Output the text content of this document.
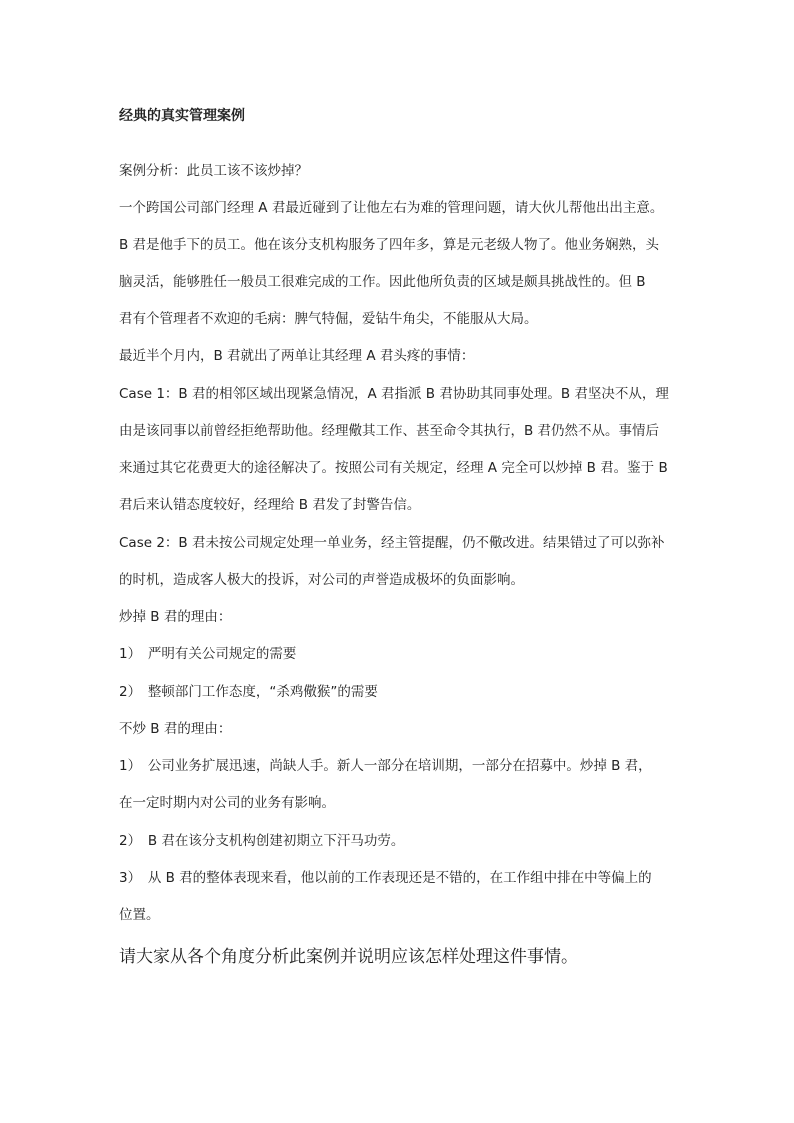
经典的真实管理案例
案例分析：此员工该不该炒掉？
一个跨国公司部门经理 A 君最近碰到了让他左右为难的管理问题，请大伙儿帮他出出主意。
B 君是他手下的员工。他在该分支机构服务了四年多，算是元老级人物了。他业务娴熟，头
脑灵活，能够胜任一般员工很难完成的工作。因此他所负责的区域是颇具挑战性的。但 B
君有个管理者不欢迎的毛病：脾气特倔，爱钻牛角尖，不能服从大局。
最近半个月内，B 君就出了两单让其经理 A 君头疼的事情：
Case 1：B 君的相邻区域出现紧急情况，A 君指派 B 君协助其同事处理。B 君坚决不从，理
由是该同事以前曾经拒绝帮助他。经理儆其工作、甚至命令其执行，B 君仍然不从。事情后
来通过其它花费更大的途径解决了。按照公司有关规定，经理 A 完全可以炒掉 B 君。鉴于 B
君后来认错态度较好，经理给 B 君发了封警告信。
Case 2：B 君未按公司规定处理一单业务，经主管提醒，仍不儆改进。结果错过了可以弥补
的时机，造成客人极大的投诉，对公司的声誉造成极坏的负面影响。
炒掉 B 君的理由：
1）　严明有关公司规定的需要
2）　整顿部门工作态度，“杀鸡儆猴”的需要
不炒 B 君的理由：
1）　公司业务扩展迅速，尚缺人手。新人一部分在培训期，一部分在招募中。炒掉 B 君，
在一定时期内对公司的业务有影响。
2）　B 君在该分支机构创建初期立下汗马功劳。
3）　从 B 君的整体表现来看，他以前的工作表现还是不错的，在工作组中排在中等偏上的
位置。
请大家从各个角度分析此案例并说明应该怎样处理这件事情。
